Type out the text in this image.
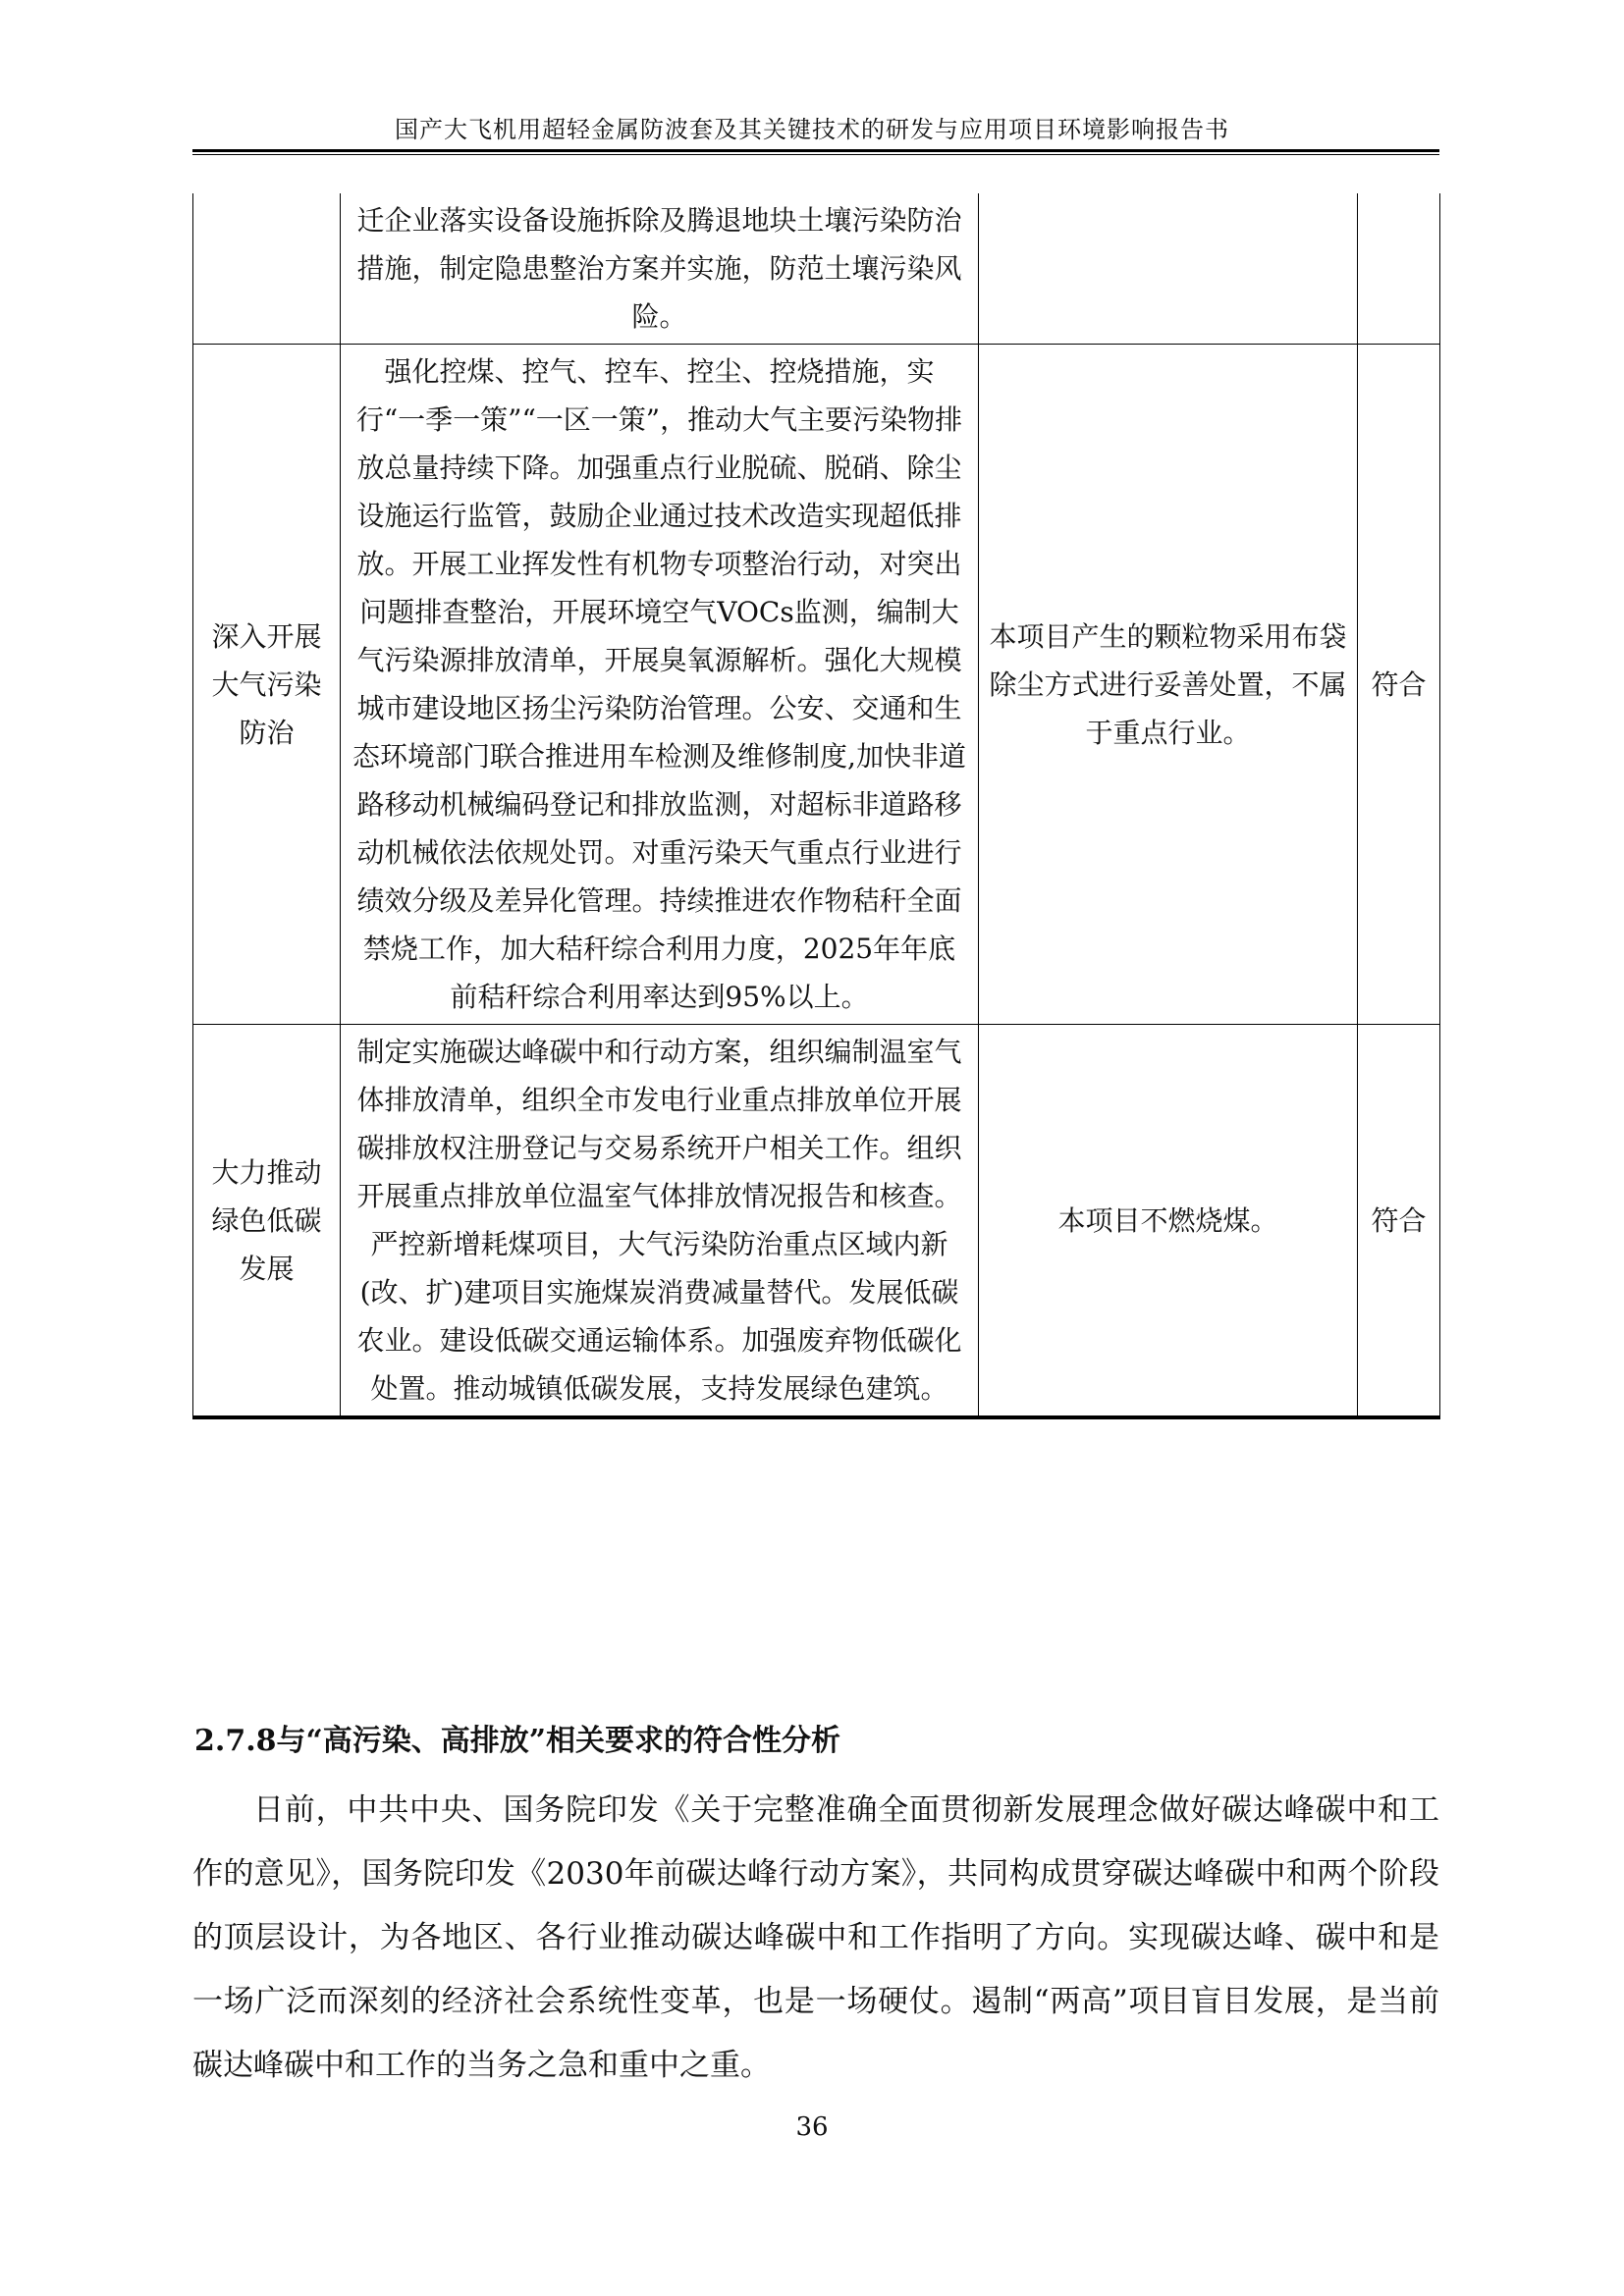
国产大飞机用超轻金属防波套及其关键技术的研发与应用项目环境影响报告书
	迁企业落实设备设施拆除及腾退地块土壤污染防治措施，制定隐患整治方案并实施，防范土壤污染风险。		
深入开展大气污染防治	强化控煤、控气、控车、控尘、控烧措施，实行“一季一策”“一区一策”，推动大气主要污染物排放总量持续下降。加强重点行业脱硫、脱硝、除尘设施运行监管，鼓励企业通过技术改造实现超低排放。开展工业挥发性有机物专项整治行动，对突出问题排查整治，开展环境空气VOCs监测，编制大气污染源排放清单，开展臭氧源解析。强化大规模城市建设地区扬尘污染防治管理。公安、交通和生态环境部门联合推进用车检测及维修制度,加快非道路移动机械编码登记和排放监测，对超标非道路移动机械依法依规处罚。对重污染天气重点行业进行绩效分级及差异化管理。持续推进农作物秸秆全面禁烧工作，加大秸秆综合利用力度，2025年年底前秸秆综合利用率达到95%以上。	本项目产生的颗粒物采用布袋除尘方式进行妥善处置，不属于重点行业。	符合
大力推动绿色低碳发展	制定实施碳达峰碳中和行动方案，组织编制温室气体排放清单，组织全市发电行业重点排放单位开展碳排放权注册登记与交易系统开户相关工作。组织开展重点排放单位温室气体排放情况报告和核查。严控新增耗煤项目，大气污染防治重点区域内新(改、扩)建项目实施煤炭消费减量替代。发展低碳农业。建设低碳交通运输体系。加强废弃物低碳化处置。推动城镇低碳发展，支持发展绿色建筑。	本项目不燃烧煤。	符合
2.7.8与“高污染、高排放”相关要求的符合性分析
日前，中共中央、国务院印发《关于完整准确全面贯彻新发展理念做好碳达峰碳中和工作的意见》，国务院印发《2030年前碳达峰行动方案》，共同构成贯穿碳达峰碳中和两个阶段的顶层设计，为各地区、各行业推动碳达峰碳中和工作指明了方向。实现碳达峰、碳中和是一场广泛而深刻的经济社会系统性变革，也是一场硬仗。遏制“两高”项目盲目发展，是当前碳达峰碳中和工作的当务之急和重中之重。
36
